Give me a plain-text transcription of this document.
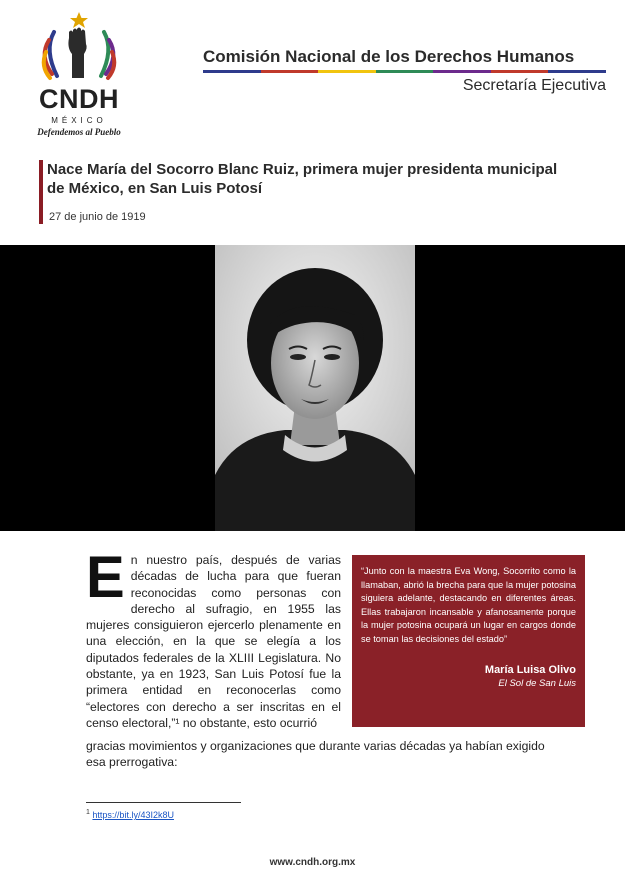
CNDH
MÉXICO
Defendemos al Pueblo
Comisión Nacional de los Derechos Humanos
Secretaría Ejecutiva
Nace María del Socorro Blanc Ruiz, primera mujer presidenta municipal de México, en San Luis Potosí
27 de junio de 1919
En nuestro país, después de varias décadas de lucha para que fueran reconocidas como personas con derecho al sufragio, en 1955 las mujeres consiguieron ejercerlo plenamente en una elección, en la que se elegía a los diputados federales de la XLIII Legislatura. No obstante, ya en 1923, San Luis Potosí fue la primera entidad en reconocerlas como “electores con derecho a ser inscritas en el censo electoral,”¹ no obstante, esto ocurrió
gracias movimientos y organizaciones que durante varias décadas ya habían exigido esa prerrogativa:
“Junto con la maestra Eva Wong, Socorrito como la llamaban, abrió la brecha para que la mujer potosina siguiera adelante, destacando en diferentes áreas. Ellas trabajaron incansable y afanosamente porque la mujer potosina ocupará un lugar en cargos donde se toman las decisiones del estado”
María Luisa Olivo
El Sol de San Luis
$^1$ https://bit.ly/43I2k8U
www.cndh.org.mx
